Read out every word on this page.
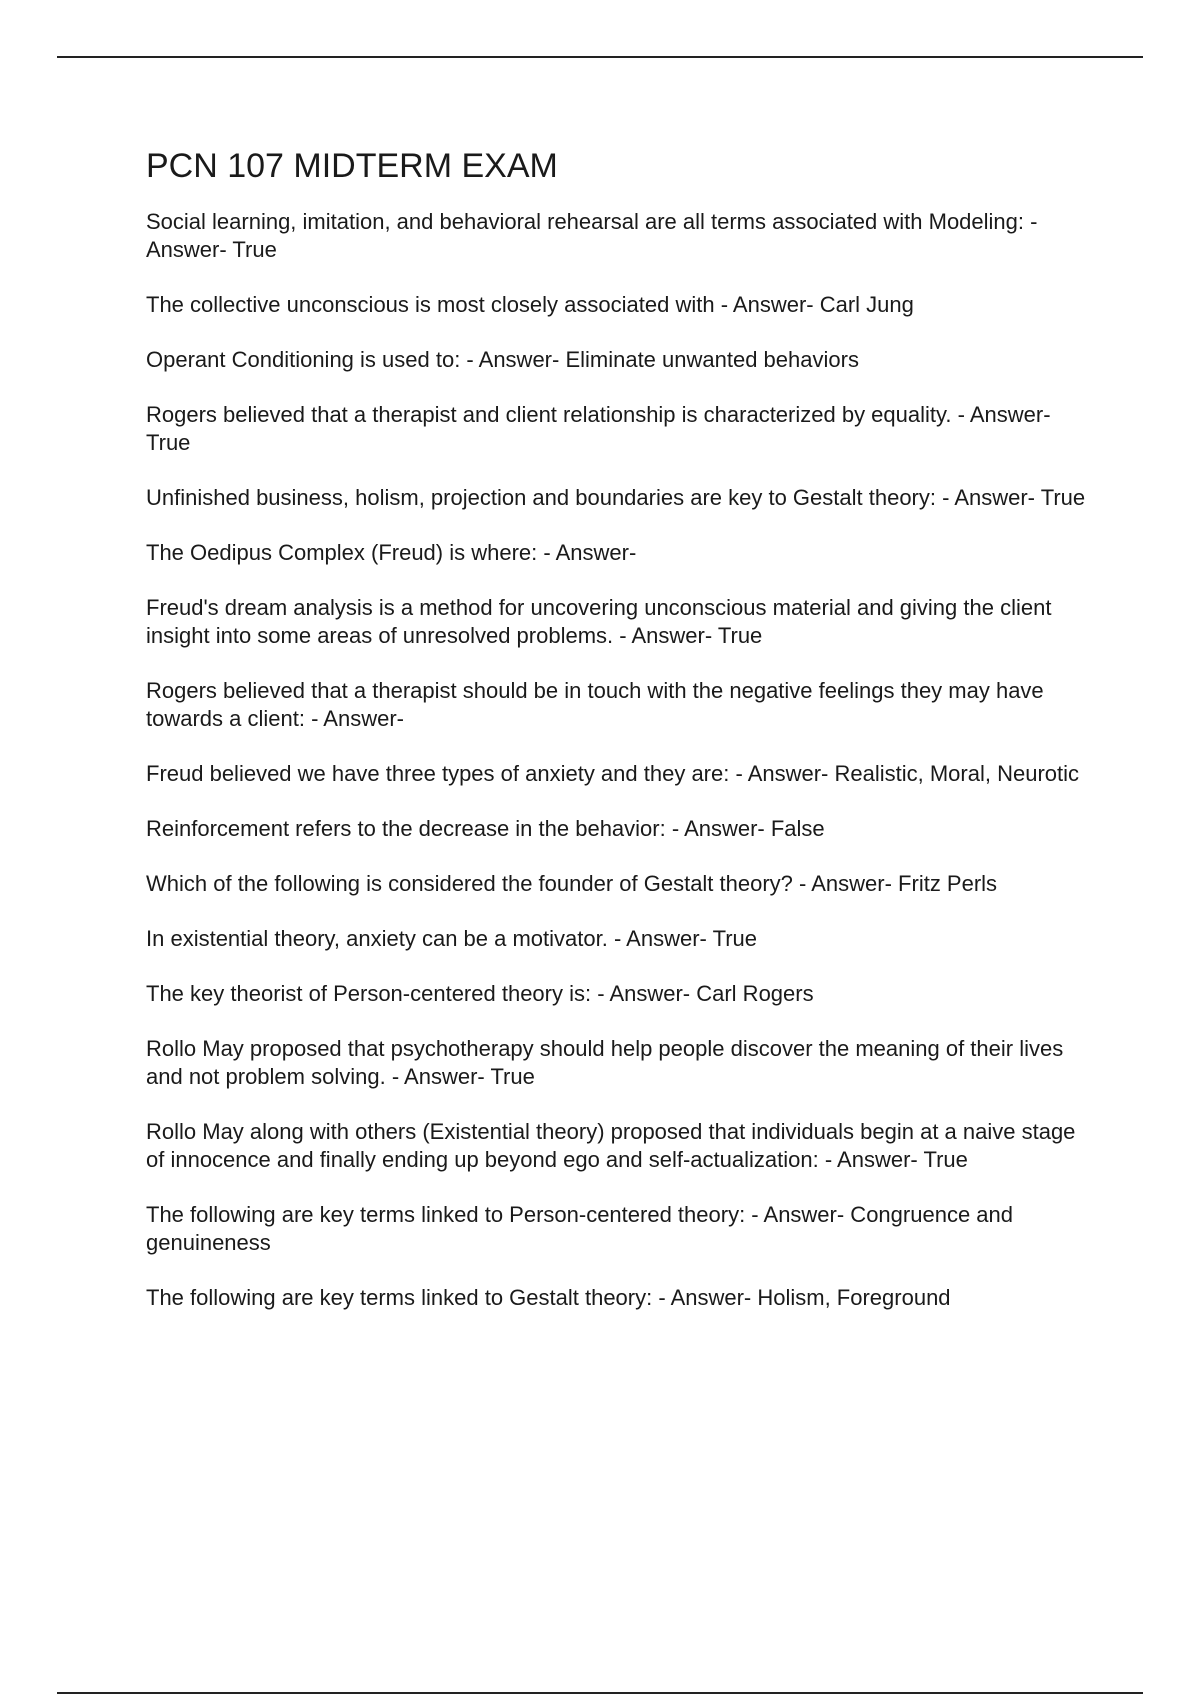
PCN 107 MIDTERM EXAM
Social learning, imitation, and behavioral rehearsal are all terms associated with Modeling: - Answer- True
The collective unconscious is most closely associated with - Answer- Carl Jung
Operant Conditioning is used to: - Answer- Eliminate unwanted behaviors
Rogers believed that a therapist and client relationship is characterized by equality. - Answer- True
Unfinished business, holism, projection and boundaries are key to Gestalt theory: - Answer- True
The Oedipus Complex (Freud) is where: - Answer-
Freud's dream analysis is a method for uncovering unconscious material and giving the client insight into some areas of unresolved problems. - Answer- True
Rogers believed that a therapist should be in touch with the negative feelings they may have towards a client: - Answer-
Freud believed we have three types of anxiety and they are: - Answer- Realistic, Moral, Neurotic
Reinforcement refers to the decrease in the behavior: - Answer- False
Which of the following is considered the founder of Gestalt theory? - Answer- Fritz Perls
In existential theory, anxiety can be a motivator. - Answer- True
The key theorist of Person-centered theory is: - Answer- Carl Rogers
Rollo May proposed that psychotherapy should help people discover the meaning of their lives and not problem solving. - Answer- True
Rollo May along with others (Existential theory) proposed that individuals begin at a naive stage of innocence and finally ending up beyond ego and self-actualization: - Answer- True
The following are key terms linked to Person-centered theory: - Answer- Congruence and genuineness
The following are key terms linked to Gestalt theory: - Answer- Holism, Foreground
